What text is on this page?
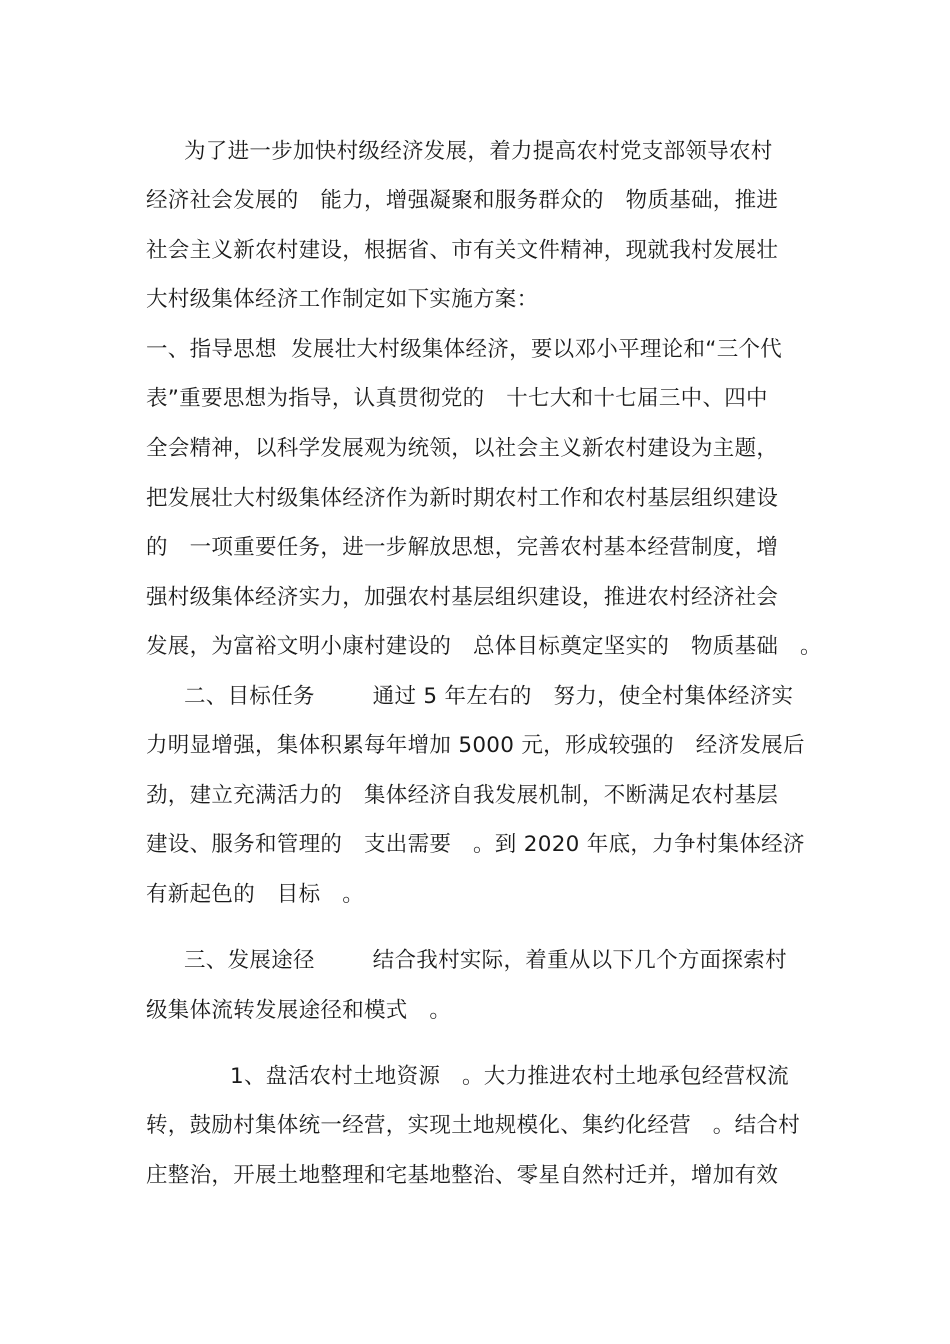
为了进一步加快村级经济发展，着力提高农村党支部领导农村
经济社会发展的　能力，增强凝聚和服务群众的　物质基础，推进
社会主义新农村建设，根据省、市有关文件精神，现就我村发展壮
大村级集体经济工作制定如下实施方案：
一、指导思想  发展壮大村级集体经济，要以邓小平理论和“三个代
表”重要思想为指导，认真贯彻党的　十七大和十七届三中、四中
全会精神，以科学发展观为统领，以社会主义新农村建设为主题，
把发展壮大村级集体经济作为新时期农村工作和农村基层组织建设
的　一项重要任务，进一步解放思想，完善农村基本经营制度，增
强村级集体经济实力，加强农村基层组织建设，推进农村经济社会
发展，为富裕文明小康村建设的　总体目标奠定坚实的　物质基础　。
二、目标任务　　  通过 5 年左右的　努力，使全村集体经济实
力明显增强，集体积累每年增加 5000 元，形成较强的　经济发展后
劲，建立充满活力的　集体经济自我发展机制，不断满足农村基层
建设、服务和管理的　支出需要　。到 2020 年底，力争村集体经济
有新起色的　目标　。
三、发展途径　　  结合我村实际，着重从以下几个方面探索村
级集体流转发展途径和模式　。
1、盘活农村土地资源　。大力推进农村土地承包经营权流
转，鼓励村集体统一经营，实现土地规模化、集约化经营　。结合村
庄整治，开展土地整理和宅基地整治、零星自然村迁并，增加有效
